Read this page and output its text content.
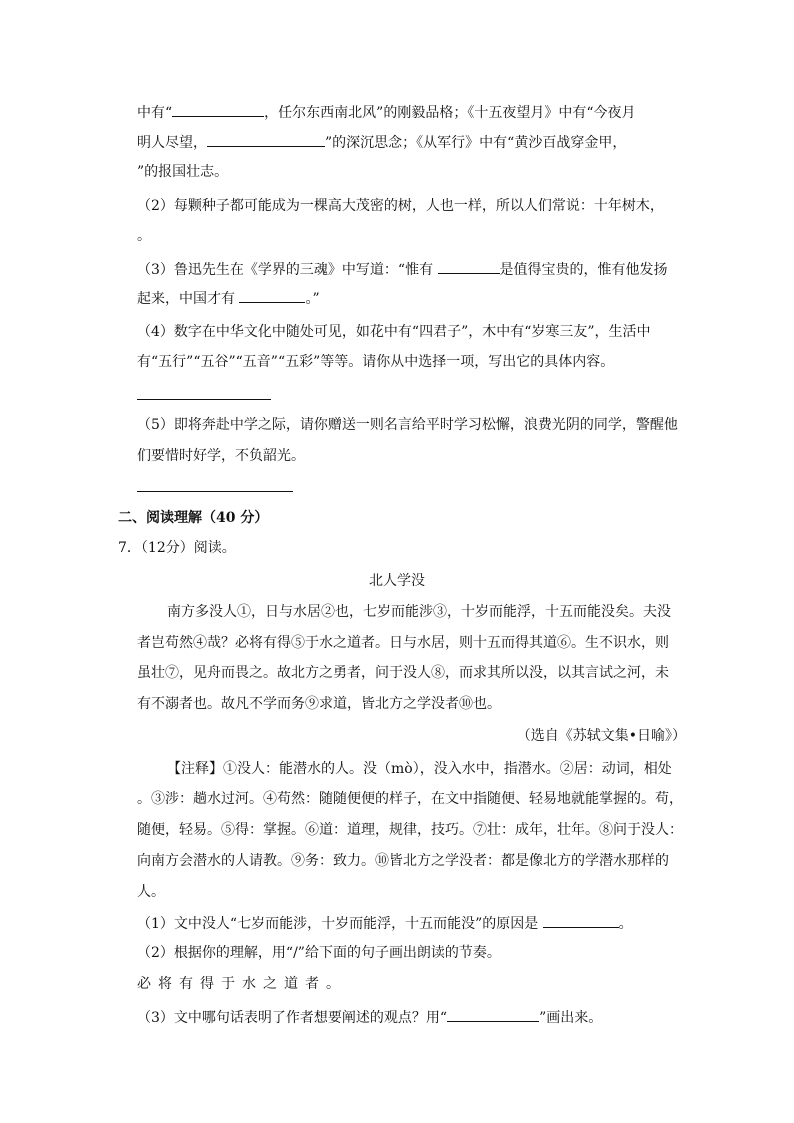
中有“	，任尔东西南北风”的刚毅品格；《十五夜望月》中有“今夜月
明人尽望，	”的深沉思念；《从军行》中有“黄沙百战穿金甲，
”的报国壮志。
（2）每颗种子都可能成为一棵高大茂密的树，人也一样，所以人们常说：十年树木，
。
（3）鲁迅先生在《学界的三魂》中写道：“惟有	是值得宝贵的，惟有他发扬
起来，中国才有	。”
（4）数字在中华文化中随处可见，如花中有“四君子”，木中有“岁寒三友”，生活中
有“五行”“五谷”“五音”“五彩”等等。请你从中选择一项，写出它的具体内容。
（5）即将奔赴中学之际，请你赠送一则名言给平时学习松懈，浪费光阴的同学，警醒他
们要惜时好学，不负韶光。
二、阅读理解（40 分）
7．（12分）阅读。
北人学没
南方多没人①，日与水居②也，七岁而能涉③，十岁而能浮，十五而能没矣。夫没
者岂苟然④哉？必将有得⑤于水之道者。日与水居，则十五而得其道⑥。生不识水，则
虽壮⑦，见舟而畏之。故北方之勇者，问于没人⑧，而求其所以没，以其言试之河，未
有不溺者也。故凡不学而务⑨求道，皆北方之学没者⑩也。
（选自《苏轼文集•日喻》）
【注释】①没人：能潜水的人。没（mò），没入水中，指潜水。②居：动词，相处
。③涉：趟水过河。④苟然：随随便便的样子，在文中指随便、轻易地就能掌握的。苟，
随便，轻易。⑤得：掌握。⑥道：道理，规律，技巧。⑦壮：成年，壮年。⑧问于没人：
向南方会潜水的人请教。⑨务：致力。⑩皆北方之学没者：都是像北方的学潜水那样的
人。
（1）文中没人“七岁而能涉，十岁而能浮，十五而能没”的原因是	。
（2）根据你的理解，用“/”给下面的句子画出朗读的节奏。
必将有得于水之道者。
（3）文中哪句话表明了作者想要阐述的观点？用“	”画出来。
